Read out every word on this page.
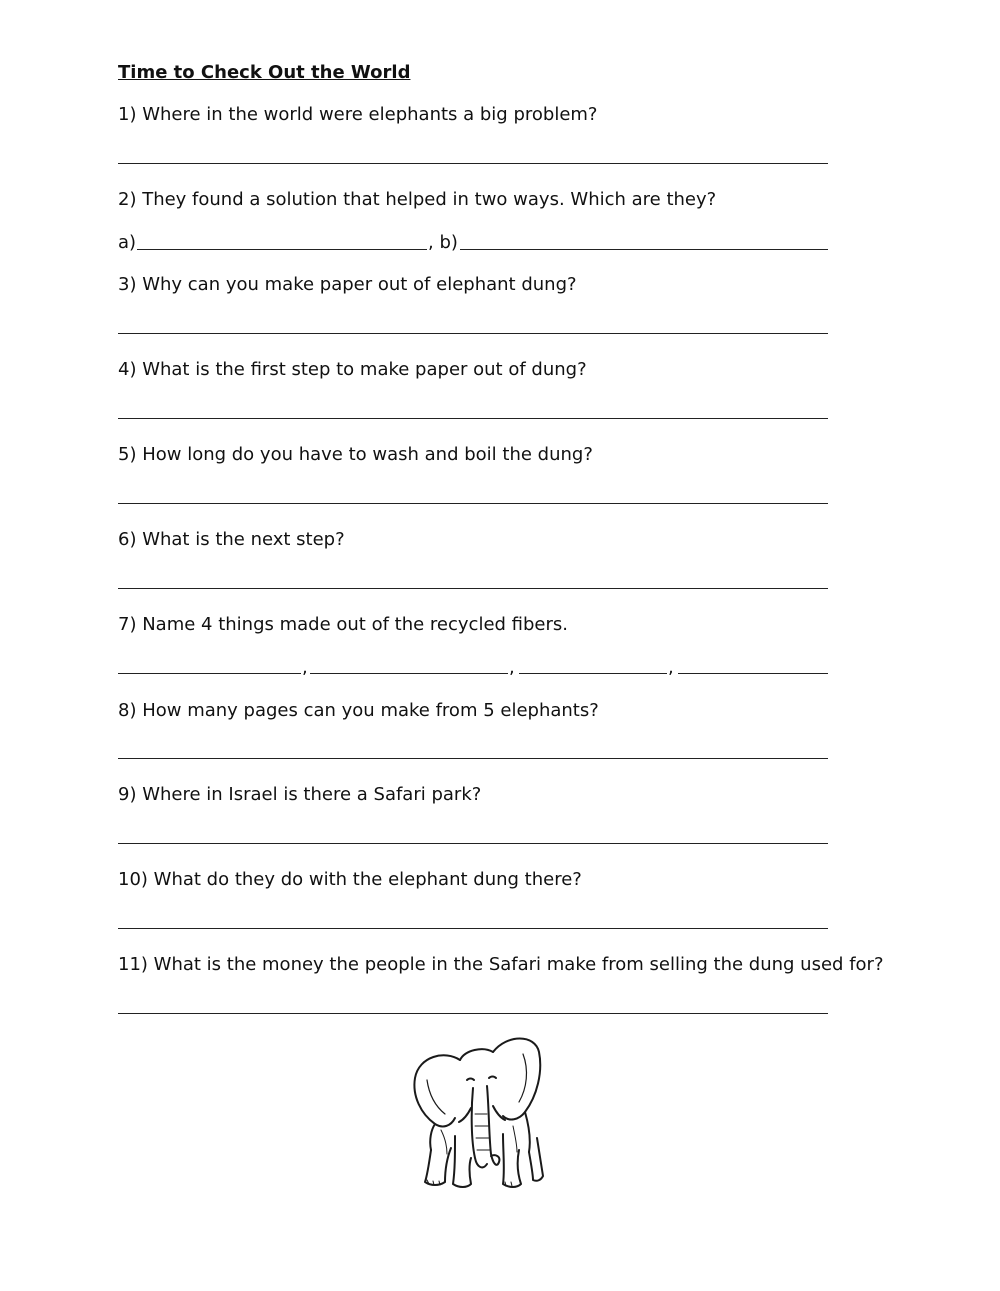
Time to Check Out the World
1) Where in the world were elephants a big problem?
2) They found a solution that helped in two ways. Which are they?
a)	, b)
3) Why can you make paper out of elephant dung?
4) What is the first step to make paper out of dung?
5) How long do you have to wash and boil the dung?
6) What is the next step?
7) Name 4 things made out of the recycled fibers.
,	,	,
8) How many pages can you make from 5 elephants?
9) Where in Israel is there a Safari park?
10) What do they do with the elephant dung there?
11) What is the money the people in the Safari make from selling the dung used for?
